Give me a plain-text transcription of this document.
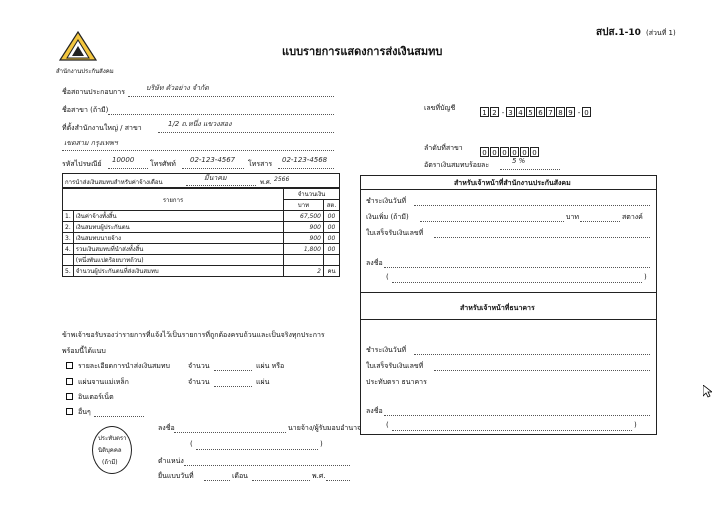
สำนักงานประกันสังคม
แบบรายการแสดงการส่งเงินสมทบ
สปส.1-10 (ส่วนที่ 1)
ชื่อสถานประกอบการ	บริษัท ตัวอย่าง จำกัด
ชื่อสาขา (ถ้ามี)
ที่ตั้งสำนักงานใหญ่ / สาขา	1/2 ถ.หนึ่ง แขวงสอง
เขตสาม กรุงเทพฯ
รหัสไปรษณีย์ 10000 โทรศัพท์ 02-123-4567 โทรสาร 02-123-4568
เลขที่บัญชี
1 2 - 3 4 5 6 7 8 9 - 0
ลำดับที่สาขา
0 0 0 0 0 0
อัตราเงินสมทบร้อยละ	5 %
การนำส่งเงินสมทบสำหรับค่าจ้างเดือน
มีนาคม
พ.ศ. 2566
รายการ		จำนวนเงิน	
		บาท	สต.
1.	เงินค่าจ้างทั้งสิ้น	67,500	00
2.	เงินสมทบผู้ประกันตน	900	00
3.	เงินสมทบนายจ้าง	900	00
4.	รวมเงินสมทบที่นำส่งทั้งสิ้น	1,800	00
	(หนึ่งพันแปดร้อยบาทถ้วน)		
5.	จำนวนผู้ประกันตนที่ส่งเงินสมทบ	2	คน
ข้าพเจ้าขอรับรองว่ารายการที่แจ้งไว้เป็นรายการที่ถูกต้องครบถ้วนและเป็นจริงทุกประการ
พร้อมนี้ได้แนบ
รายละเอียดการนำส่งเงินสมทบ	จำนวน	แผ่น หรือ
แผ่นจานแม่เหล็ก	จำนวน	แผ่น
อินเตอร์เน็ต
อื่นๆ
ประทับตรา
นิติบุคคล
(ถ้ามี)
ลงชื่อ	นายจ้าง/ผู้รับมอบอำนาจ
(	)
ตำแหน่ง
ยื่นแบบวันที่	เดือน	พ.ศ.
สำหรับเจ้าหน้าที่สำนักงานประกันสังคม
ชำระเงินวันที่
เงินเพิ่ม (ถ้ามี)	บาท	สตางค์
ใบเสร็จรับเงินเลขที่
ลงชื่อ
(	)
สำหรับเจ้าหน้าที่ธนาคาร
ชำระเงินวันที่
ใบเสร็จรับเงินเลขที่
ประทับตรา ธนาคาร
ลงชื่อ
(	)
